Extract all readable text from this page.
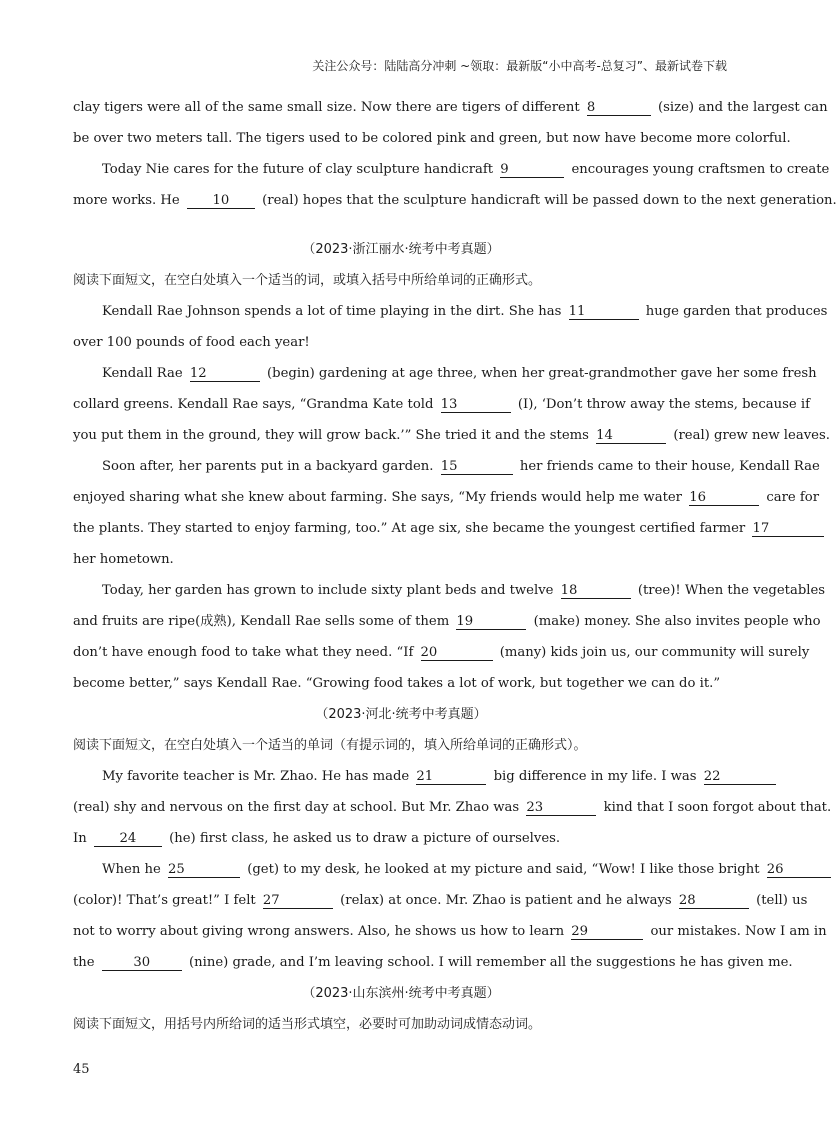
关注公众号：陆陆高分冲刺 ~领取：最新版“小中高考-总复习”、最新试卷下载
clay tigers were all of the same small size. Now there are tigers of different 8	(size) and the largest can
be over two meters tall. The tigers used to be colored pink and green, but now have become more colorful.
Today Nie cares for the future of clay sculpture handicraft 9	encourages young craftsmen to create
more works. He 10 (real) hopes that the sculpture handicraft will be passed down to the next generation.
（2023·浙江丽水·统考中考真题）
阅读下面短文，在空白处填入一个适当的词，或填入括号中所给单词的正确形式。
Kendall Rae Johnson spends a lot of time playing in the dirt. She has 11	huge garden that produces
over 100 pounds of food each year!
Kendall Rae 12	(begin) gardening at age three, when her great-grandmother gave her some fresh
collard greens. Kendall Rae says, “Grandma Kate told 13	(I), ‘Don’t throw away the stems, because if
you put them in the ground, they will grow back.’” She tried it and the stems 14	(real) grew new leaves.
Soon after, her parents put in a backyard garden. 15	her friends came to their house, Kendall Rae
enjoyed sharing what she knew about farming. She says, “My friends would help me water 16	care for
the plants. They started to enjoy farming, too.” At age six, she became the youngest certified farmer 17
her hometown.
Today, her garden has grown to include sixty plant beds and twelve 18	(tree)! When the vegetables
and fruits are ripe(成熟), Kendall Rae sells some of them 19	(make) money. She also invites people who
don’t have enough food to take what they need. “If 20	(many) kids join us, our community will surely
become better,” says Kendall Rae. “Growing food takes a lot of work, but together we can do it.”
（2023·河北·统考中考真题）
阅读下面短文，在空白处填入一个适当的单词（有提示词的，填入所给单词的正确形式）。
My favorite teacher is Mr. Zhao. He has made 21	big difference in my life. I was 22
(real) shy and nervous on the first day at school. But Mr. Zhao was 23	kind that I soon forgot about that.
In 24 (he) first class, he asked us to draw a picture of ourselves.
When he 25	(get) to my desk, he looked at my picture and said, “Wow! I like those bright 26
(color)! That’s great!” I felt 27	(relax) at once. Mr. Zhao is patient and he always 28	(tell) us
not to worry about giving wrong answers. Also, he shows us how to learn 29	our mistakes. Now I am in
the	30	(nine) grade, and I’m leaving school. I will remember all the suggestions he has given me.
（2023·山东滨州·统考中考真题）
阅读下面短文，用括号内所给词的适当形式填空，必要时可加助动词成情态动词。
45
